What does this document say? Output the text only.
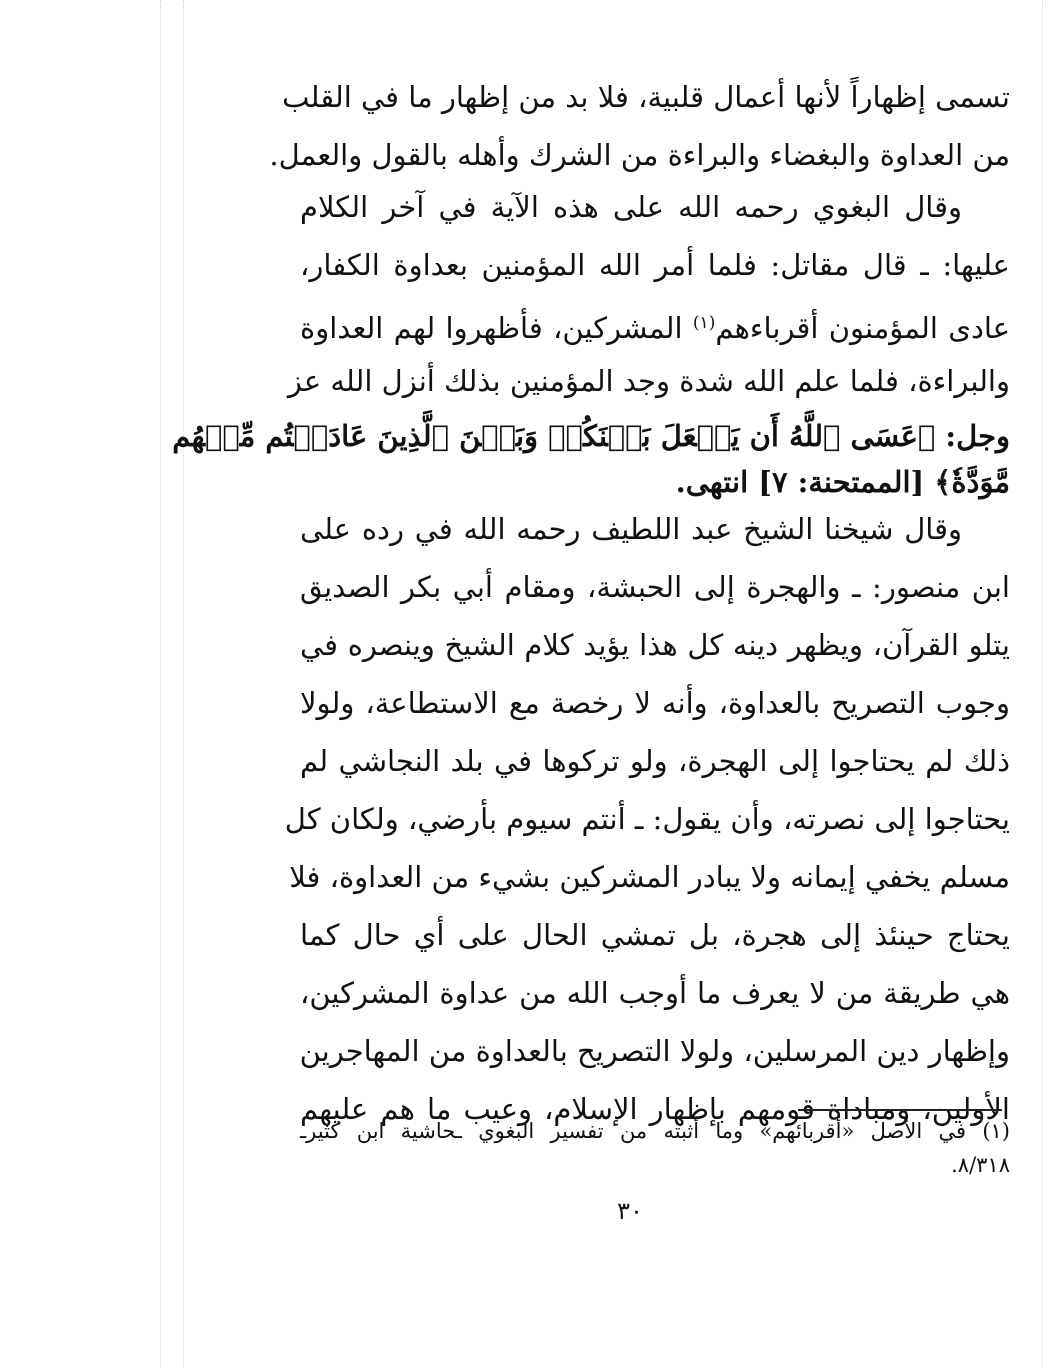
تسمى إظهاراً لأنها أعمال قلبية، فلا بد من إظهار ما في القلب
من العداوة والبغضاء والبراءة من الشرك وأهله بالقول والعمل.
وقال البغوي رحمه الله على هذه الآية في آخر الكلام
عليها: ـ قال مقاتل: فلما أمر الله المؤمنين بعداوة الكفار،
عادى المؤمنون أقرباءهم$^{(١)}$ المشركين، فأظهروا لهم العداوة
والبراءة، فلما علم الله شدة وجد المؤمنين بذلك أنزل الله عز
وجل: ﴿عَسَى ٱللَّهُ أَن يَجۡعَلَ بَيۡنَكُمۡ وَبَيۡنَ ٱلَّذِينَ عَادَيۡتُم مِّنۡهُم
مَّوَدَّةٗ﴾ [الممتحنة: ٧] انتهى.
وقال شيخنا الشيخ عبد اللطيف رحمه الله في رده على
ابن منصور: ـ والهجرة إلى الحبشة، ومقام أبي بكر الصديق
يتلو القرآن، ويظهر دينه كل هذا يؤيد كلام الشيخ وينصره في
وجوب التصريح بالعداوة، وأنه لا رخصة مع الاستطاعة، ولولا
ذلك لم يحتاجوا إلى الهجرة، ولو تركوها في بلد النجاشي لم
يحتاجوا إلى نصرته، وأن يقول: ـ أنتم سيوم بأرضي، ولكان كل
مسلم يخفي إيمانه ولا يبادر المشركين بشيء من العداوة، فلا
يحتاج حينئذ إلى هجرة، بل تمشي الحال على أي حال كما
هي طريقة من لا يعرف ما أوجب الله من عداوة المشركين،
وإظهار دين المرسلين، ولولا التصريح بالعداوة من المهاجرين
الأولين، ومباداة قومهم بإظهار الإسلام، وعيب ما هم عليهم
(١) في الأصل «أقربائهم» وما أثبته من تفسير البغوي ـحاشية ابن كثيرـ
٨/٣١٨.
٣٠
